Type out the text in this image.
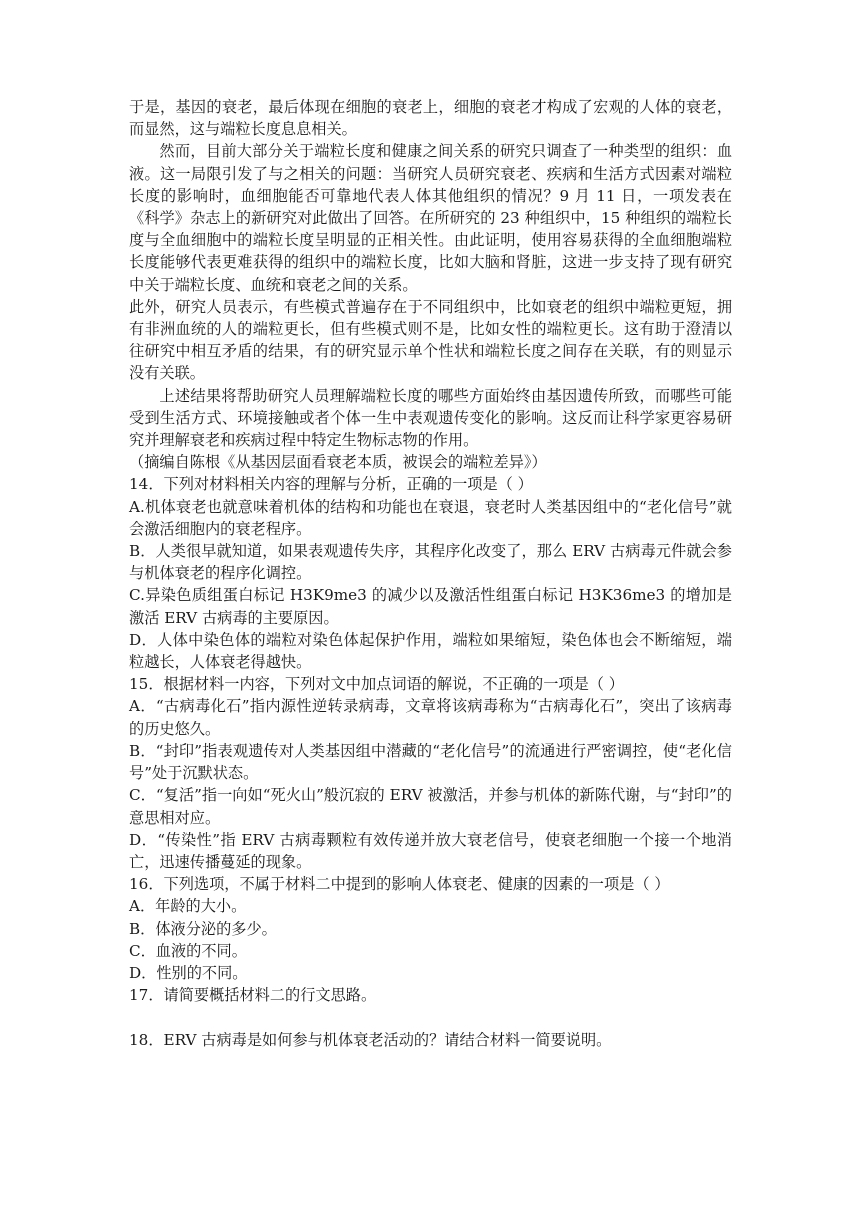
于是，基因的衰老，最后体现在细胞的衰老上，细胞的衰老才构成了宏观的人体的衰老，而显然，这与端粒长度息息相关。

然而，目前大部分关于端粒长度和健康之间关系的研究只调查了一种类型的组织：血液。这一局限引发了与之相关的问题：当研究人员研究衰老、疾病和生活方式因素对端粒长度的影响时，血细胞能否可靠地代表人体其他组织的情况？9 月 11 日，一项发表在《科学》杂志上的新研究对此做出了回答。在所研究的 23 种组织中，15 种组织的端粒长度与全血细胞中的端粒长度呈明显的正相关性。由此证明，使用容易获得的全血细胞端粒长度能够代表更难获得的组织中的端粒长度，比如大脑和肾脏，这进一步支持了现有研究中关于端粒长度、血统和衰老之间的关系。

此外，研究人员表示，有些模式普遍存在于不同组织中，比如衰老的组织中端粒更短，拥有非洲血统的人的端粒更长，但有些模式则不是，比如女性的端粒更长。这有助于澄清以往研究中相互矛盾的结果，有的研究显示单个性状和端粒长度之间存在关联，有的则显示没有关联。

上述结果将帮助研究人员理解端粒长度的哪些方面始终由基因遗传所致，而哪些可能受到生活方式、环境接触或者个体一生中表观遗传变化的影响。这反而让科学家更容易研究并理解衰老和疾病过程中特定生物标志物的作用。

（摘编自陈根《从基因层面看衰老本质，被误会的端粒差异》）

14．下列对材料相关内容的理解与分析，正确的一项是（ ）

A.机体衰老也就意味着机体的结构和功能也在衰退，衰老时人类基因组中的“老化信号”就会激活细胞内的衰老程序。

B．人类很早就知道，如果表观遗传失序，其程序化改变了，那么 ERV 古病毒元件就会参与机体衰老的程序化调控。

C.异染色质组蛋白标记 H3K9me3 的减少以及激活性组蛋白标记 H3K36me3 的增加是激活 ERV 古病毒的主要原因。

D．人体中染色体的端粒对染色体起保护作用，端粒如果缩短，染色体也会不断缩短，端粒越长，人体衰老得越快。

15．根据材料一内容，下列对文中加点词语的解说，不正确的一项是（ ）

A．“古病毒化石”指内源性逆转录病毒，文章将该病毒称为“古病毒化石”，突出了该病毒的历史悠久。

B．“封印”指表观遗传对人类基因组中潜藏的“老化信号”的流通进行严密调控，使“老化信号”处于沉默状态。

C．“复活”指一向如“死火山”般沉寂的 ERV 被激活，并参与机体的新陈代谢，与“封印”的意思相对应。

D．“传染性”指 ERV 古病毒颗粒有效传递并放大衰老信号，使衰老细胞一个接一个地消亡，迅速传播蔓延的现象。

16．下列选项，不属于材料二中提到的影响人体衰老、健康的因素的一项是（ ）

A．年龄的大小。

B．体液分泌的多少。

C．血液的不同。

D．性别的不同。

17．请简要概括材料二的行文思路。

18．ERV 古病毒是如何参与机体衰老活动的？请结合材料一简要说明。
